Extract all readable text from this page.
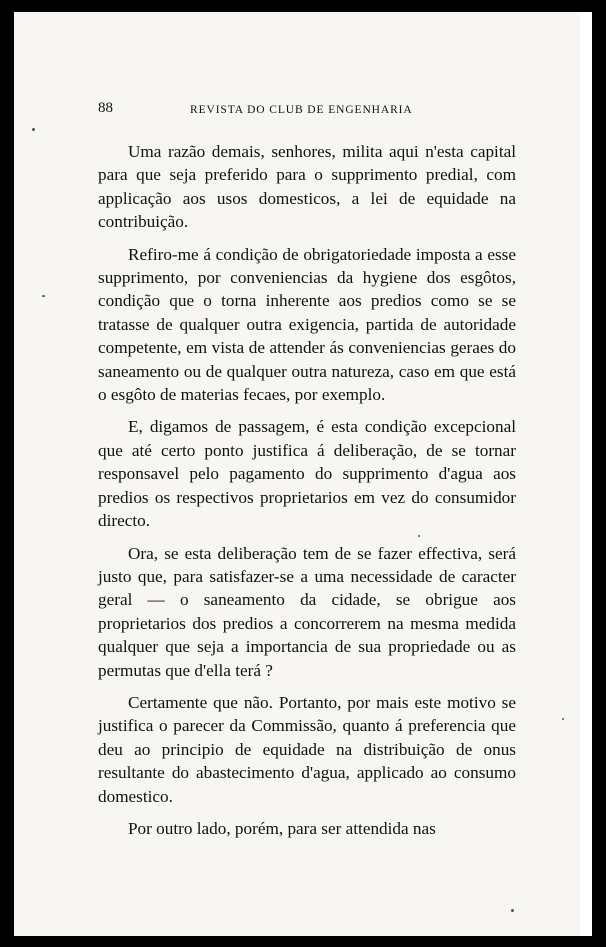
88	REVISTA DO CLUB DE ENGENHARIA

Uma razão demais, senhores, milita aqui n'esta capital para que seja preferido para o supprimento predial, com applicação aos usos domesticos, a lei de equidade na contribuição.

Refiro-me á condição de obrigatoriedade imposta a esse supprimento, por conveniencias da hygiene dos esgôtos, condição que o torna inherente aos predios como se se tratasse de qualquer outra exigencia, partida de autoridade competente, em vista de attender ás conveniencias geraes do saneamento ou de qualquer outra natureza, caso em que está o esgôto de materias fecaes, por exemplo.

E, digamos de passagem, é esta condição excepcional que até certo ponto justifica á deliberação, de se tornar responsavel pelo pagamento do supprimento d'agua aos predios os respectivos proprietarios em vez do consumidor directo.

Ora, se esta deliberação tem de se fazer effectiva, será justo que, para satisfazer-se a uma necessidade de caracter geral — o saneamento da cidade, se obrigue aos proprietarios dos predios a concorrerem na mesma medida qualquer que seja a importancia de sua propriedade ou as permutas que d'ella terá ?

Certamente que não. Portanto, por mais este motivo se justifica o parecer da Commissão, quanto á preferencia que deu ao principio de equidade na distribuição de onus resultante do abastecimento d'agua, applicado ao consumo domestico.

Por outro lado, porém, para ser attendida nas
